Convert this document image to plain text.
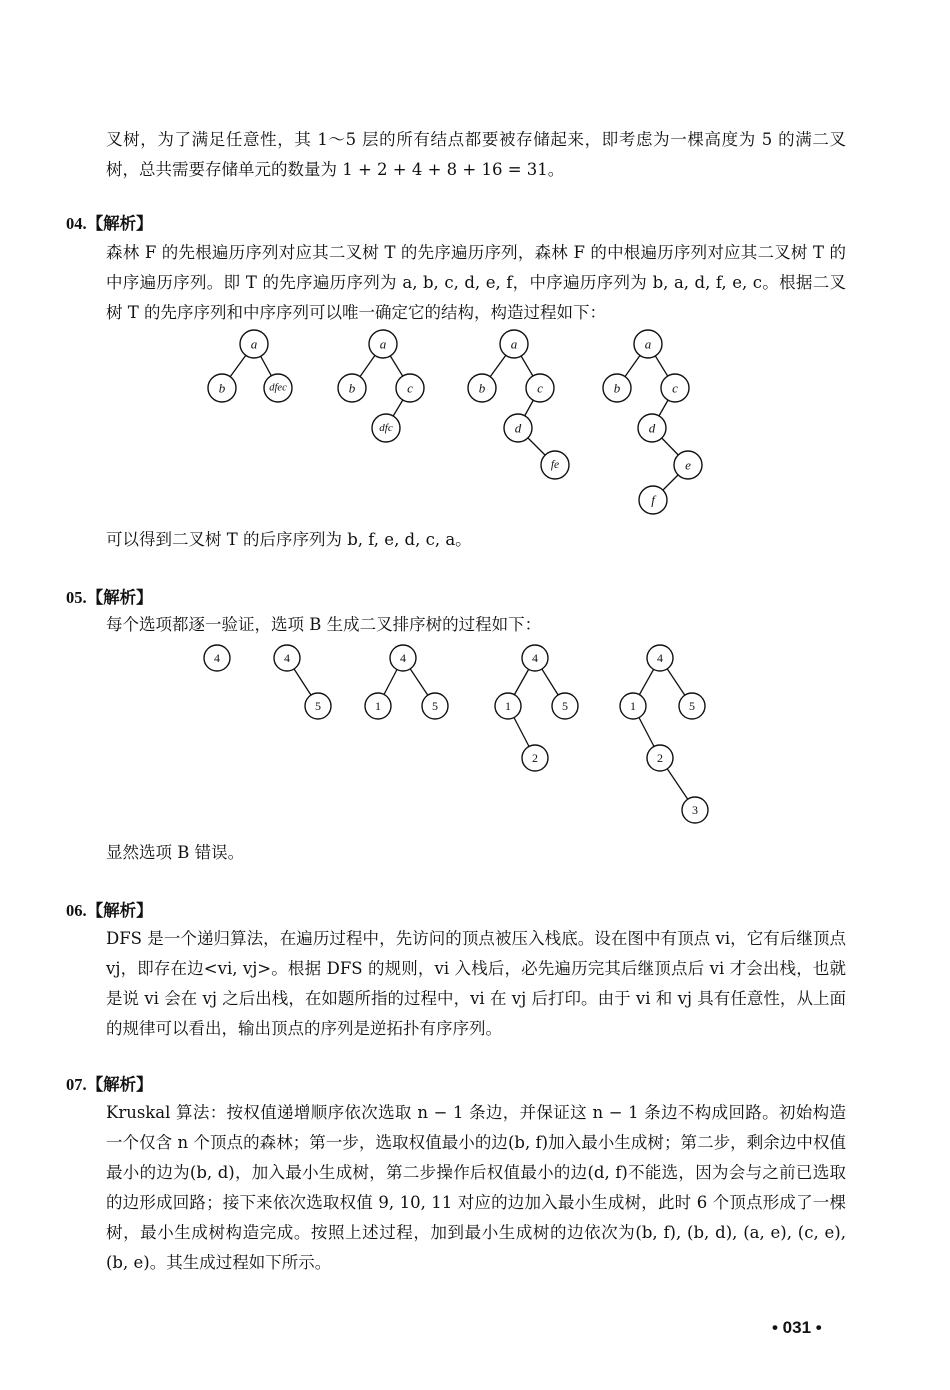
叉树，为了满足任意性，其 1～5 层的所有结点都要被存储起来，即考虑为一棵高度为 5 的满二叉树，总共需要存储单元的数量为 1 + 2 + 4 + 8 + 16 = 31。

04.【解析】

森林 F 的先根遍历序列对应其二叉树 T 的先序遍历序列，森林 F 的中根遍历序列对应其二叉树 T 的中序遍历序列。即 T 的先序遍历序列为 a, b, c, d, e, f，中序遍历序列为 b, a, d, f, e, c。根据二叉树 T 的先序序列和中序序列可以唯一确定它的结构，构造过程如下：

a
b	dfec
a
b	c
dfc
a
b	c
d
fe
a
b	c
d
e
f

可以得到二叉树 T 的后序序列为 b, f, e, d, c, a。

05.【解析】

每个选项都逐一验证，选项 B 生成二叉排序树的过程如下：

4	4
5
4
1	5
4
1	5
2
4
1	5
2
3

显然选项 B 错误。

06.【解析】

DFS 是一个递归算法，在遍历过程中，先访问的顶点被压入栈底。设在图中有顶点 vi，它有后继顶点 vj，即存在边<vi, vj>。根据 DFS 的规则，vi 入栈后，必先遍历完其后继顶点后 vi 才会出栈，也就是说 vi 会在 vj 之后出栈，在如题所指的过程中，vi 在 vj 后打印。由于 vi 和 vj 具有任意性，从上面的规律可以看出，输出顶点的序列是逆拓扑有序序列。

07.【解析】

Kruskal 算法：按权值递增顺序依次选取 n − 1 条边，并保证这 n − 1 条边不构成回路。初始构造一个仅含 n 个顶点的森林；第一步，选取权值最小的边(b, f)加入最小生成树；第二步，剩余边中权值最小的边为(b, d)，加入最小生成树，第二步操作后权值最小的边(d, f)不能选，因为会与之前已选取的边形成回路；接下来依次选取权值 9, 10, 11 对应的边加入最小生成树，此时 6 个顶点形成了一棵树，最小生成树构造完成。按照上述过程，加到最小生成树的边依次为(b, f), (b, d), (a, e), (c, e), (b, e)。其生成过程如下所示。

• 031 •
